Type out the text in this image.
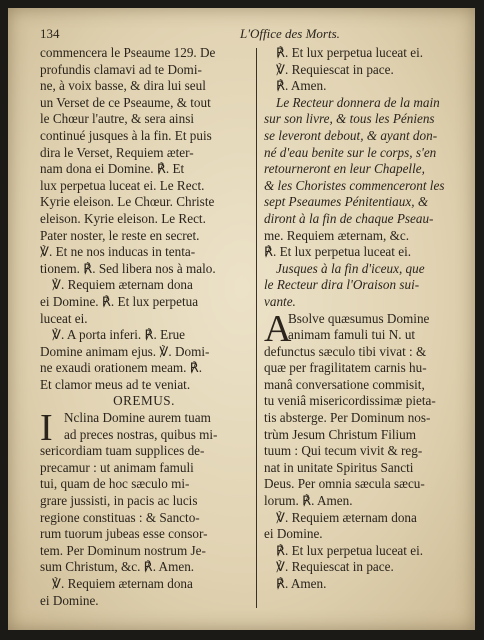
134	L'Office des Morts.
commencera le Pseaume 129. De
profundis clamavi ad te Domi-
ne, à voix basse, & dira lui seul
un Verset de ce Pseaume, & tout
le Chœur l'autre, & sera ainsi
continué jusques à la fin. Et puis
dira le Verset, Requiem æter-
nam dona ei Domine. ℟. Et
lux perpetua luceat ei. Le Rect.
Kyrie eleison. Le Chœur. Christe
eleison. Kyrie eleison. Le Rect.
Pater noster, le reste en secret.
℣. Et ne nos inducas in tenta-
tionem. ℟. Sed libera nos à malo.
℣. Requiem æternam dona
ei Domine. ℟. Et lux perpetua
luceat ei.
℣. A porta inferi. ℟. Erue
Domine animam ejus. ℣. Domi-
ne exaudi orationem meam. ℟.
Et clamor meus ad te veniat.
OREMUS.
I Nclina Domine aurem tuam
ad preces nostras, quibus mi-
sericordiam tuam supplices de-
precamur : ut animam famuli
tui, quam de hoc sæculo mi-
grare jussisti, in pacis ac lucis
regione constituas : & Sancto-
rum tuorum jubeas esse consor-
tem. Per Dominum nostrum Je-
sum Christum, &c. ℟. Amen.
℣. Requiem æternam dona
ei Domine.
℟. Et lux perpetua luceat ei.
℣. Requiescat in pace.
℟. Amen.
Le Recteur donnera de la main
sur son livre, & tous les Péniens
se leveront debout, & ayant don-
né d'eau benite sur le corps, s'en
retourneront en leur Chapelle,
& les Choristes commenceront les
sept Pseaumes Pénitentiaux, &
diront à la fin de chaque Pseau-
me. Requiem æternam, &c.
℟. Et lux perpetua luceat ei.
Jusques à la fin d'iceux, que
le Recteur dira l'Oraison sui-
vante.
A
Bsolve quæsumus Domine
animam famuli tui N. ut
defunctus sæculo tibi vivat : &
quæ per fragilitatem carnis hu-
manâ conversatione commisit,
tu veniâ misericordissimæ pieta-
tis absterge. Per Dominum nos-
trùm Jesum Christum Filium
tuum : Qui tecum vivit & reg-
nat in unitate Spiritus Sancti
Deus. Per omnia sæcula sæcu-
lorum. ℟. Amen.
℣. Requiem æternam dona
ei Domine.
℟. Et lux perpetua luceat ei.
℣. Requiescat in pace.
℟. Amen.
